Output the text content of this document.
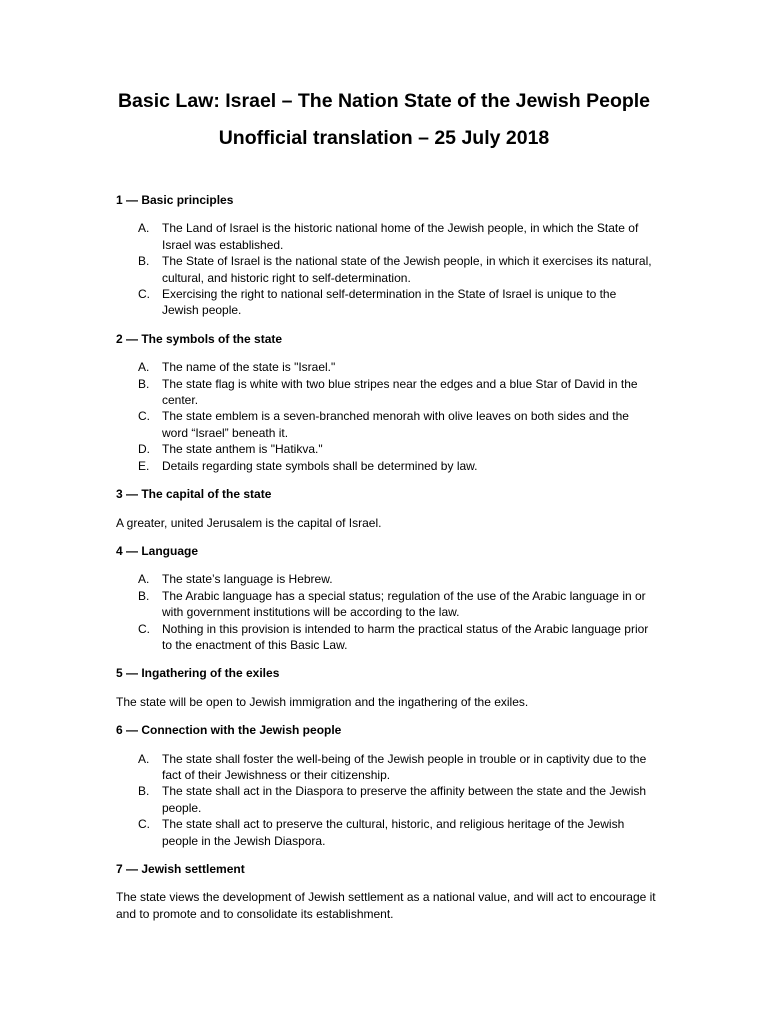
Basic Law: Israel – The Nation State of the Jewish People
Unofficial translation – 25 July 2018

1 — Basic principles

A. The Land of Israel is the historic national home of the Jewish people, in which the State of Israel was established.
B. The State of Israel is the national state of the Jewish people, in which it exercises its natural, cultural, and historic right to self-determination.
C. Exercising the right to national self-determination in the State of Israel is unique to the Jewish people.

2 — The symbols of the state

A. The name of the state is "Israel."
B. The state flag is white with two blue stripes near the edges and a blue Star of David in the center.
C. The state emblem is a seven-branched menorah with olive leaves on both sides and the word “Israel” beneath it.
D. The state anthem is "Hatikva."
E. Details regarding state symbols shall be determined by law.

3 — The capital of the state

A greater, united Jerusalem is the capital of Israel.

4 — Language

A. The state’s language is Hebrew.
B. The Arabic language has a special status; regulation of the use of the Arabic language in or with government institutions will be according to the law.
C. Nothing in this provision is intended to harm the practical status of the Arabic language prior to the enactment of this Basic Law.

5 — Ingathering of the exiles

The state will be open to Jewish immigration and the ingathering of the exiles.

6 — Connection with the Jewish people

A. The state shall foster the well-being of the Jewish people in trouble or in captivity due to the fact of their Jewishness or their citizenship.
B. The state shall act in the Diaspora to preserve the affinity between the state and the Jewish people.
C. The state shall act to preserve the cultural, historic, and religious heritage of the Jewish people in the Jewish Diaspora.

7 — Jewish settlement

The state views the development of Jewish settlement as a national value, and will act to encourage it and to promote and to consolidate its establishment.
